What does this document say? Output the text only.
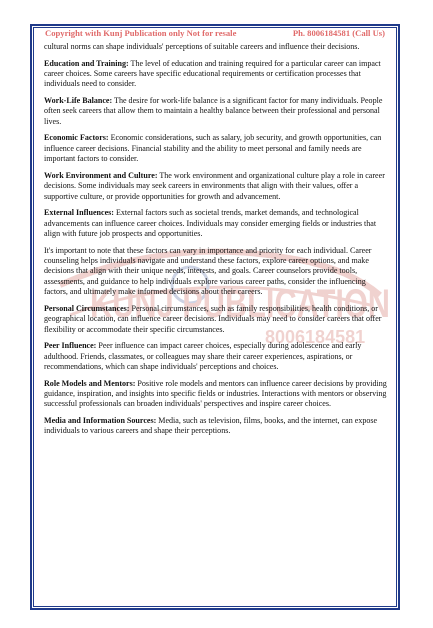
Copyright with Kunj Publication only Not for resale	Ph. 8006184581 (Call Us)
KUNJ PUBLICATION
8006184581

cultural norms can shape individuals' perceptions of suitable careers and influence their decisions.

Education and Training: The level of education and training required for a particular career can impact career choices. Some careers have specific educational requirements or certification processes that individuals need to consider.

Work-Life Balance: The desire for work-life balance is a significant factor for many individuals. People often seek careers that allow them to maintain a healthy balance between their professional and personal lives.

Economic Factors: Economic considerations, such as salary, job security, and growth opportunities, can influence career decisions. Financial stability and the ability to meet personal and family needs are important factors to consider.

Work Environment and Culture: The work environment and organizational culture play a role in career decisions. Some individuals may seek careers in environments that align with their values, offer a supportive culture, or provide opportunities for growth and advancement.

External Influences: External factors such as societal trends, market demands, and technological advancements can influence career choices. Individuals may consider emerging fields or industries that align with future job prospects and opportunities.

It's important to note that these factors can vary in importance and priority for each individual. Career counseling helps individuals navigate and understand these factors, explore career options, and make decisions that align with their unique needs, interests, and goals. Career counselors provide tools, assessments, and guidance to help individuals explore various career paths, consider the influencing factors, and ultimately make informed decisions about their careers.

Personal Circumstances: Personal circumstances, such as family responsibilities, health conditions, or geographical location, can influence career decisions. Individuals may need to consider careers that offer flexibility or accommodate their specific circumstances.

Peer Influence: Peer influence can impact career choices, especially during adolescence and early adulthood. Friends, classmates, or colleagues may share their career experiences, aspirations, or recommendations, which can shape individuals' perceptions and choices.

Role Models and Mentors: Positive role models and mentors can influence career decisions by providing guidance, inspiration, and insights into specific fields or industries. Interactions with mentors or observing successful professionals can broaden individuals' perspectives and inspire career choices.

Media and Information Sources: Media, such as television, films, books, and the internet, can expose individuals to various careers and shape their perceptions.
